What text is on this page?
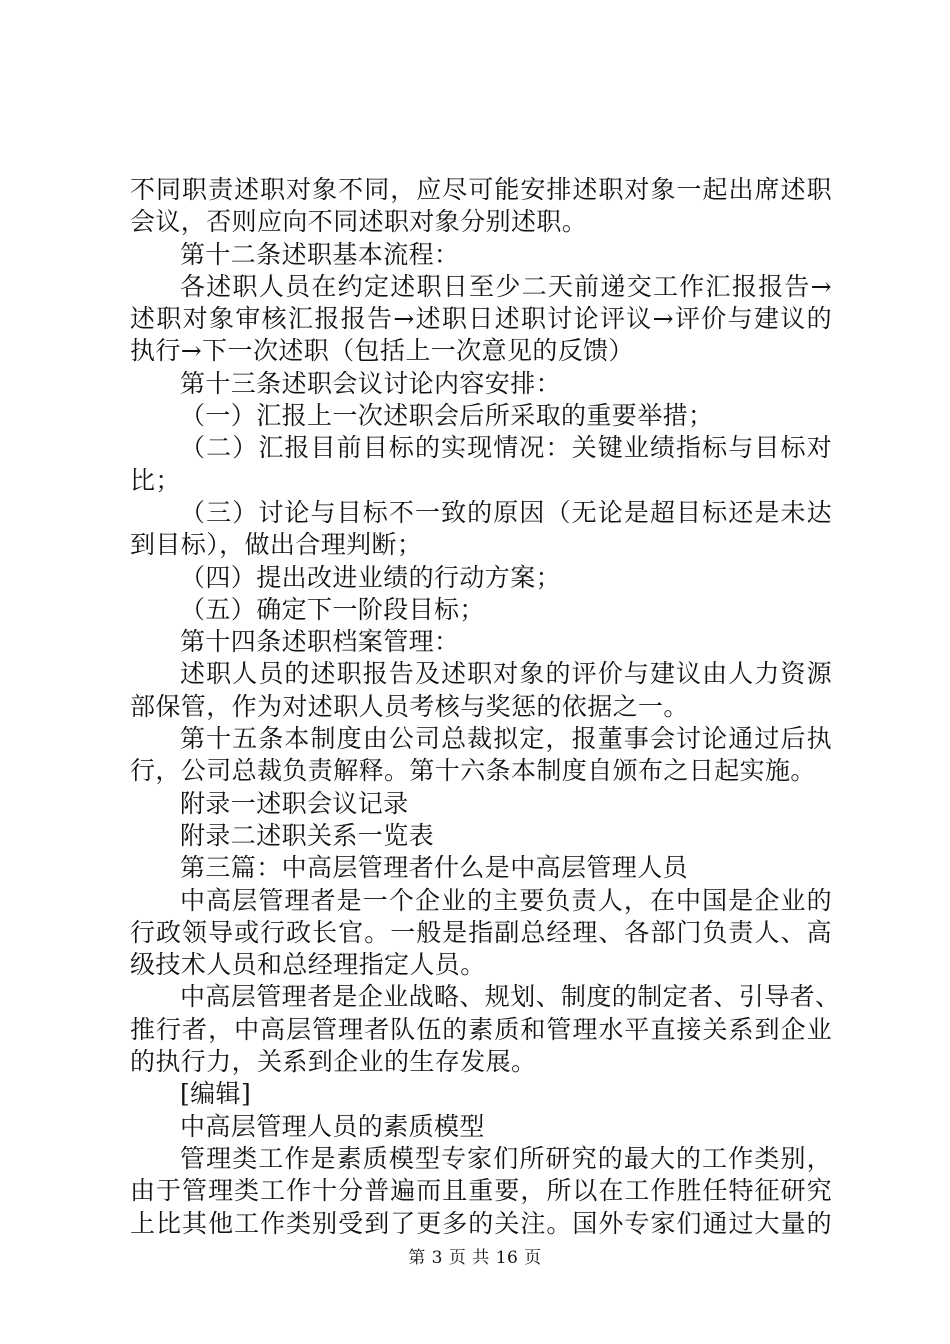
不同职责述职对象不同，应尽可能安排述职对象一起出席述职
会议，否则应向不同述职对象分别述职。
第十二条述职基本流程：
各述职人员在约定述职日至少二天前递交工作汇报报告→
述职对象审核汇报报告→述职日述职讨论评议→评价与建议的
执行→下一次述职（包括上一次意见的反馈）
第十三条述职会议讨论内容安排：
（一）汇报上一次述职会后所采取的重要举措；
（二）汇报目前目标的实现情况：关键业绩指标与目标对
比；
（三）讨论与目标不一致的原因（无论是超目标还是未达
到目标），做出合理判断；
（四）提出改进业绩的行动方案；
（五）确定下一阶段目标；
第十四条述职档案管理：
述职人员的述职报告及述职对象的评价与建议由人力资源
部保管，作为对述职人员考核与奖惩的依据之一。
第十五条本制度由公司总裁拟定，报董事会讨论通过后执
行，公司总裁负责解释。第十六条本制度自颁布之日起实施。
附录一述职会议记录
附录二述职关系一览表
第三篇：中高层管理者什么是中高层管理人员
中高层管理者是一个企业的主要负责人，在中国是企业的
行政领导或行政长官。一般是指副总经理、各部门负责人、高
级技术人员和总经理指定人员。
中高层管理者是企业战略、规划、制度的制定者、引导者、
推行者，中高层管理者队伍的素质和管理水平直接关系到企业
的执行力，关系到企业的生存发展。
[编辑]
中高层管理人员的素质模型
管理类工作是素质模型专家们所研究的最大的工作类别，
由于管理类工作十分普遍而且重要，所以在工作胜任特征研究
上比其他工作类别受到了更多的关注。国外专家们通过大量的
第 3 页 共 16 页
